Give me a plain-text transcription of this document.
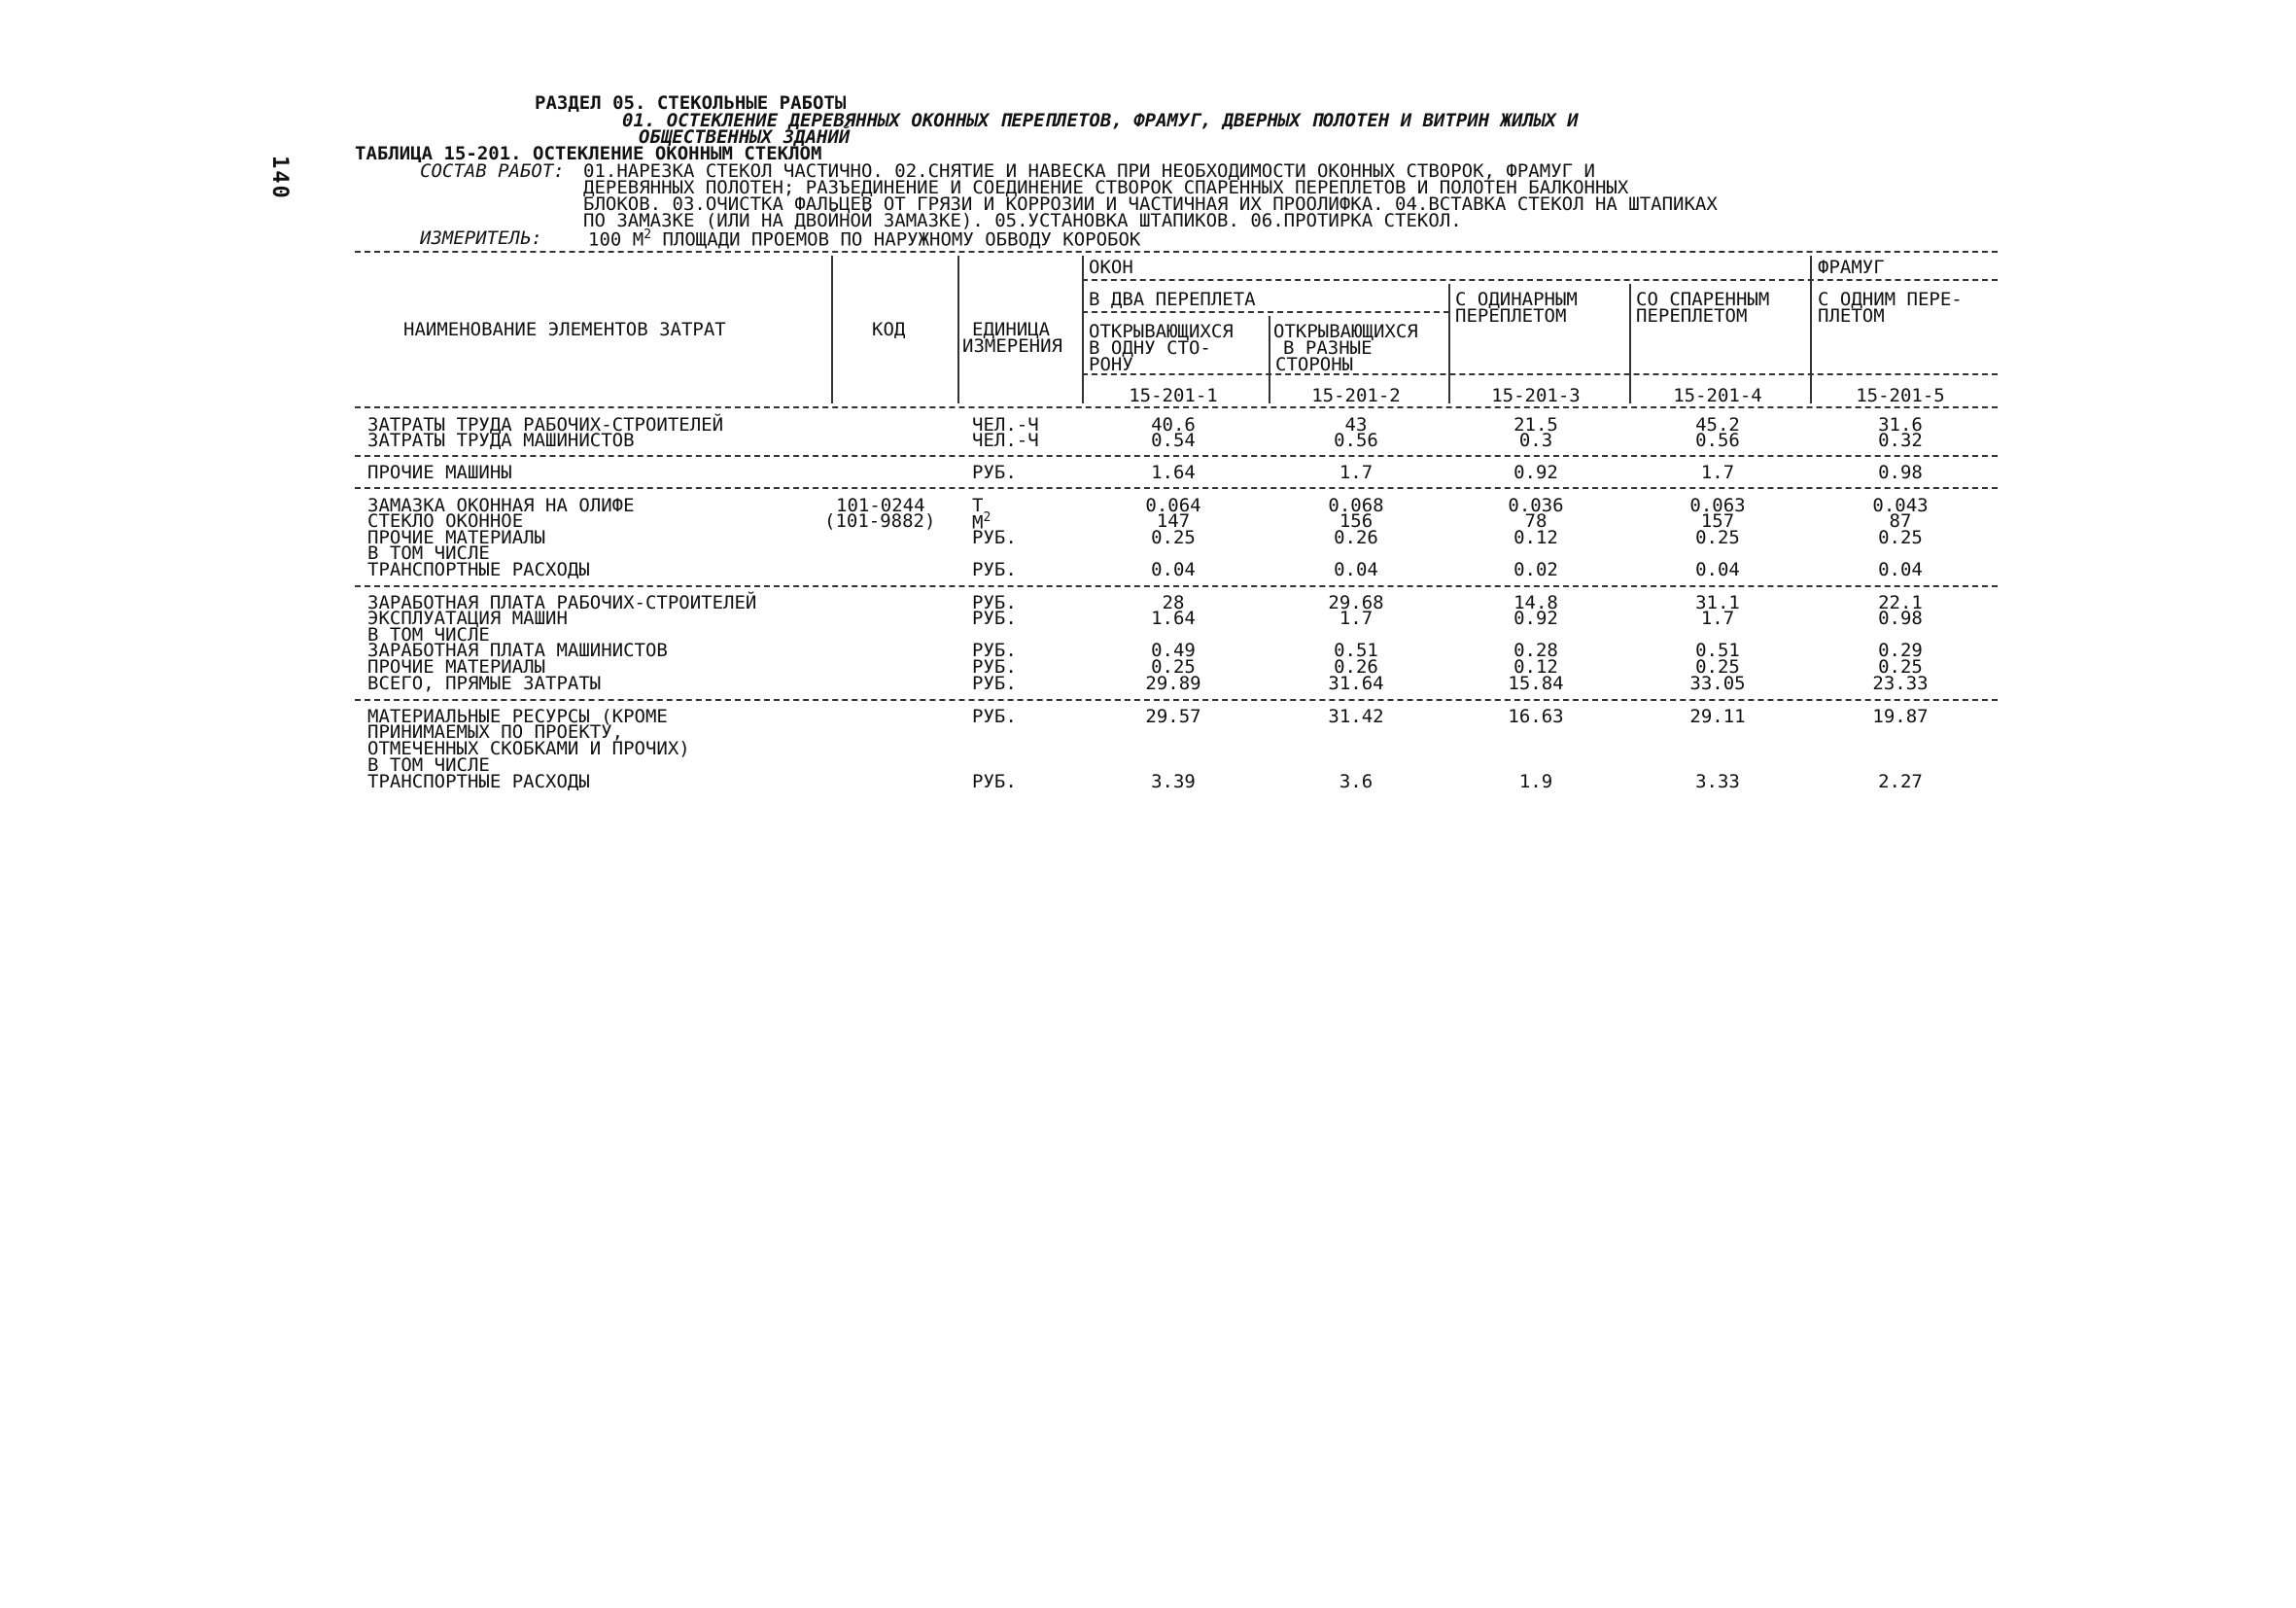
140
РАЗДЕЛ 05. СТЕКОЛЬНЫЕ РАБОТЫ
01. ОСТЕКЛЕНИЕ ДЕРЕВЯННЫХ ОКОННЫХ ПЕРЕПЛЕТОВ, ФРАМУГ, ДВЕРНЫХ ПОЛОТЕН И ВИТРИН ЖИЛЫХ И
ОБЩЕСТВЕННЫХ ЗДАНИЙ
ТАБЛИЦА 15-201. ОСТЕКЛЕНИЕ ОКОННЫМ СТЕКЛОМ
СОСТАВ РАБОТ: 01.НАРЕЗКА СТЕКОЛ ЧАСТИЧНО. 02.СНЯТИЕ И НАВЕСКА ПРИ НЕОБХОДИМОСТИ ОКОННЫХ СТВОРОК, ФРАМУГ И
ДЕРЕВЯННЫХ ПОЛОТЕН; РАЗЪЕДИНЕНИЕ И СОЕДИНЕНИЕ СТВОРОК СПАРЕННЫХ ПЕРЕПЛЕТОВ И ПОЛОТЕН БАЛКОННЫХ
БЛОКОВ. 03.ОЧИСТКА ФАЛЬЦЕВ ОТ ГРЯЗИ И КОРРОЗИИ И ЧАСТИЧНАЯ ИХ ПРООЛИФКА. 04.ВСТАВКА СТЕКОЛ НА ШТАПИКАХ
ПО ЗАМАЗКЕ (ИЛИ НА ДВОЙНОЙ ЗАМАЗКЕ). 05.УСТАНОВКА ШТАПИКОВ. 06.ПРОТИРКА СТЕКОЛ.
ИЗМЕРИТЕЛЬ: 100 $М^2$ ПЛОЩАДИ ПРОЕМОВ ПО НАРУЖНОМУ ОБВОДУ КОРОБОК
НАИМЕНОВАНИЕ ЭЛЕМЕНТОВ ЗАТРАТ	КОД	ЕДИНИЦА
ИЗМЕРЕНИЯ
ОКОН	ФРАМУГ
В ДВА ПЕРЕПЛЕТА	С ОДИНАРНЫМ
ПЕРЕПЛЕТОМ
СО СПАРЕННЫМ
ПЕРЕПЛЕТОМ
С ОДНИМ ПЕРЕ-
ПЛЕТОМ
ОТКРЫВАЮЩИХСЯ
В ОДНУ СТО-
РОНУ
ОТКРЫВАЮЩИХСЯ
В РАЗНЫЕ
СТОРОНЫ
15-201-1	15-201-2	15-201-3	15-201-4	15-201-5
ЗАТРАТЫ ТРУДА РАБОЧИХ-СТРОИТЕЛЕЙ	ЧЕЛ.-Ч	40.6	43	21.5	45.2	31.6
ЗАТРАТЫ ТРУДА МАШИНИСТОВ	ЧЕЛ.-Ч	0.54	0.56	0.3	0.56	0.32
ПРОЧИЕ МАШИНЫ	РУБ.	1.64	1.7	0.92	1.7	0.98
ЗАМАЗКА ОКОННАЯ НА ОЛИФЕ	101-0244	Т	0.064	0.068	0.036	0.063	0.043
СТЕКЛО ОКОННОЕ	(101-9882) $М^2$	147	156	78	157	87
ПРОЧИЕ МАТЕРИАЛЫ	РУБ.	0.25	0.26	0.12	0.25	0.25
В ТОМ ЧИСЛЕ
ТРАНСПОРТНЫЕ РАСХОДЫ	РУБ.	0.04	0.04	0.02	0.04	0.04
ЗАРАБОТНАЯ ПЛАТА РАБОЧИХ-СТРОИТЕЛЕЙ	РУБ.	28	29.68	14.8	31.1	22.1
ЭКСПЛУАТАЦИЯ МАШИН	РУБ.	1.64	1.7	0.92	1.7	0.98
В ТОМ ЧИСЛЕ
ЗАРАБОТНАЯ ПЛАТА МАШИНИСТОВ	РУБ.	0.49	0.51	0.28	0.51	0.29
ПРОЧИЕ МАТЕРИАЛЫ	РУБ.	0.25	0.26	0.12	0.25	0.25
ВСЕГО, ПРЯМЫЕ ЗАТРАТЫ	РУБ.	29.89	31.64	15.84	33.05	23.33
МАТЕРИАЛЬНЫЕ РЕСУРСЫ (КРОМЕ	РУБ.	29.57	31.42	16.63	29.11	19.87
ПРИНИМАЕМЫХ ПО ПРОЕКТУ,
ОТМЕЧЕННЫХ СКОБКАМИ И ПРОЧИХ)
В ТОМ ЧИСЛЕ
ТРАНСПОРТНЫЕ РАСХОДЫ	РУБ.	3.39	3.6	1.9	3.33	2.27
